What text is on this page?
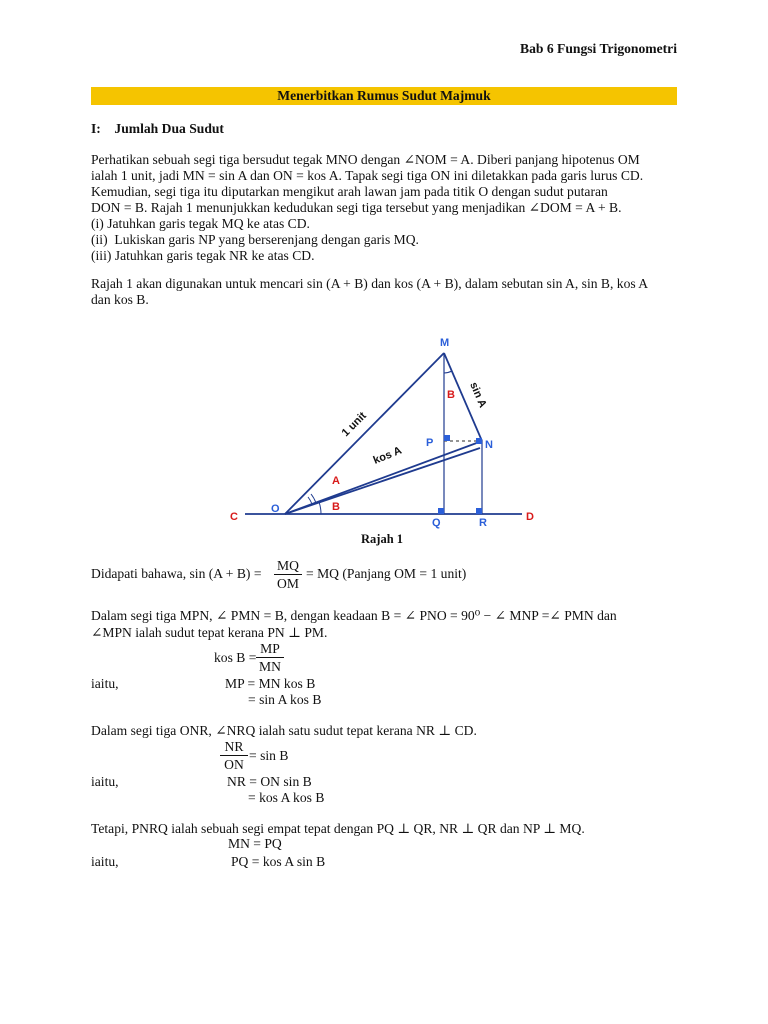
Bab 6 Fungsi Trigonometri
Menerbitkan Rumus Sudut Majmuk
I:    Jumlah Dua Sudut
Perhatikan sebuah segi tiga bersudut tegak MNO dengan ∠NOM = A. Diberi panjang hipotenus OM
ialah 1 unit, jadi MN = sin A dan ON = kos A. Tapak segi tiga ON ini diletakkan pada garis lurus CD.
Kemudian, segi tiga itu diputarkan mengikut arah lawan jam pada titik O dengan sudut putaran
DON = B. Rajah 1 menunjukkan kedudukan segi tiga tersebut yang menjadikan ∠DOM = A + B.
(i) Jatuhkan garis tegak MQ ke atas CD.
(ii)  Lukiskan garis NP yang berserenjang dengan garis MQ.
(iii) Jatuhkan garis tegak NR ke atas CD.
Rajah 1 akan digunakan untuk mencari sin (A + B) dan kos (A + B), dalam sebutan sin A, sin B, kos A
dan kos B.
M
N
P
O
Q	R
C	D
A
B
B
1 unit
kos A
sin A
Rajah 1
Didapati bahawa, $\sin (A + B) = \frac{MQ}{OM}$ = MQ (Panjang OM = 1 unit)
Dalam segi tiga MPN, ∠ PMN = B, dengan keadaan B = ∠ PNO = 90⁰ − ∠ MNP =∠ PMN dan
∠MPN ialah sudut tepat kerana PN ⊥ PM.
kos $B = \frac{MP}{MN}$
iaitu,	MP = MN kos B
= sin A kos B
Dalam segi tiga ONR, ∠NRQ ialah satu sudut tepat kerana NR ⊥ CD.
$\frac{NR}{ON} = \sin B$
iaitu,	NR = ON sin B
= kos A kos B
Tetapi, PNRQ ialah sebuah segi empat tepat dengan PQ ⊥ QR, NR ⊥ QR dan NP ⊥ MQ.
MN = PQ
iaitu,	PQ = kos A sin B
